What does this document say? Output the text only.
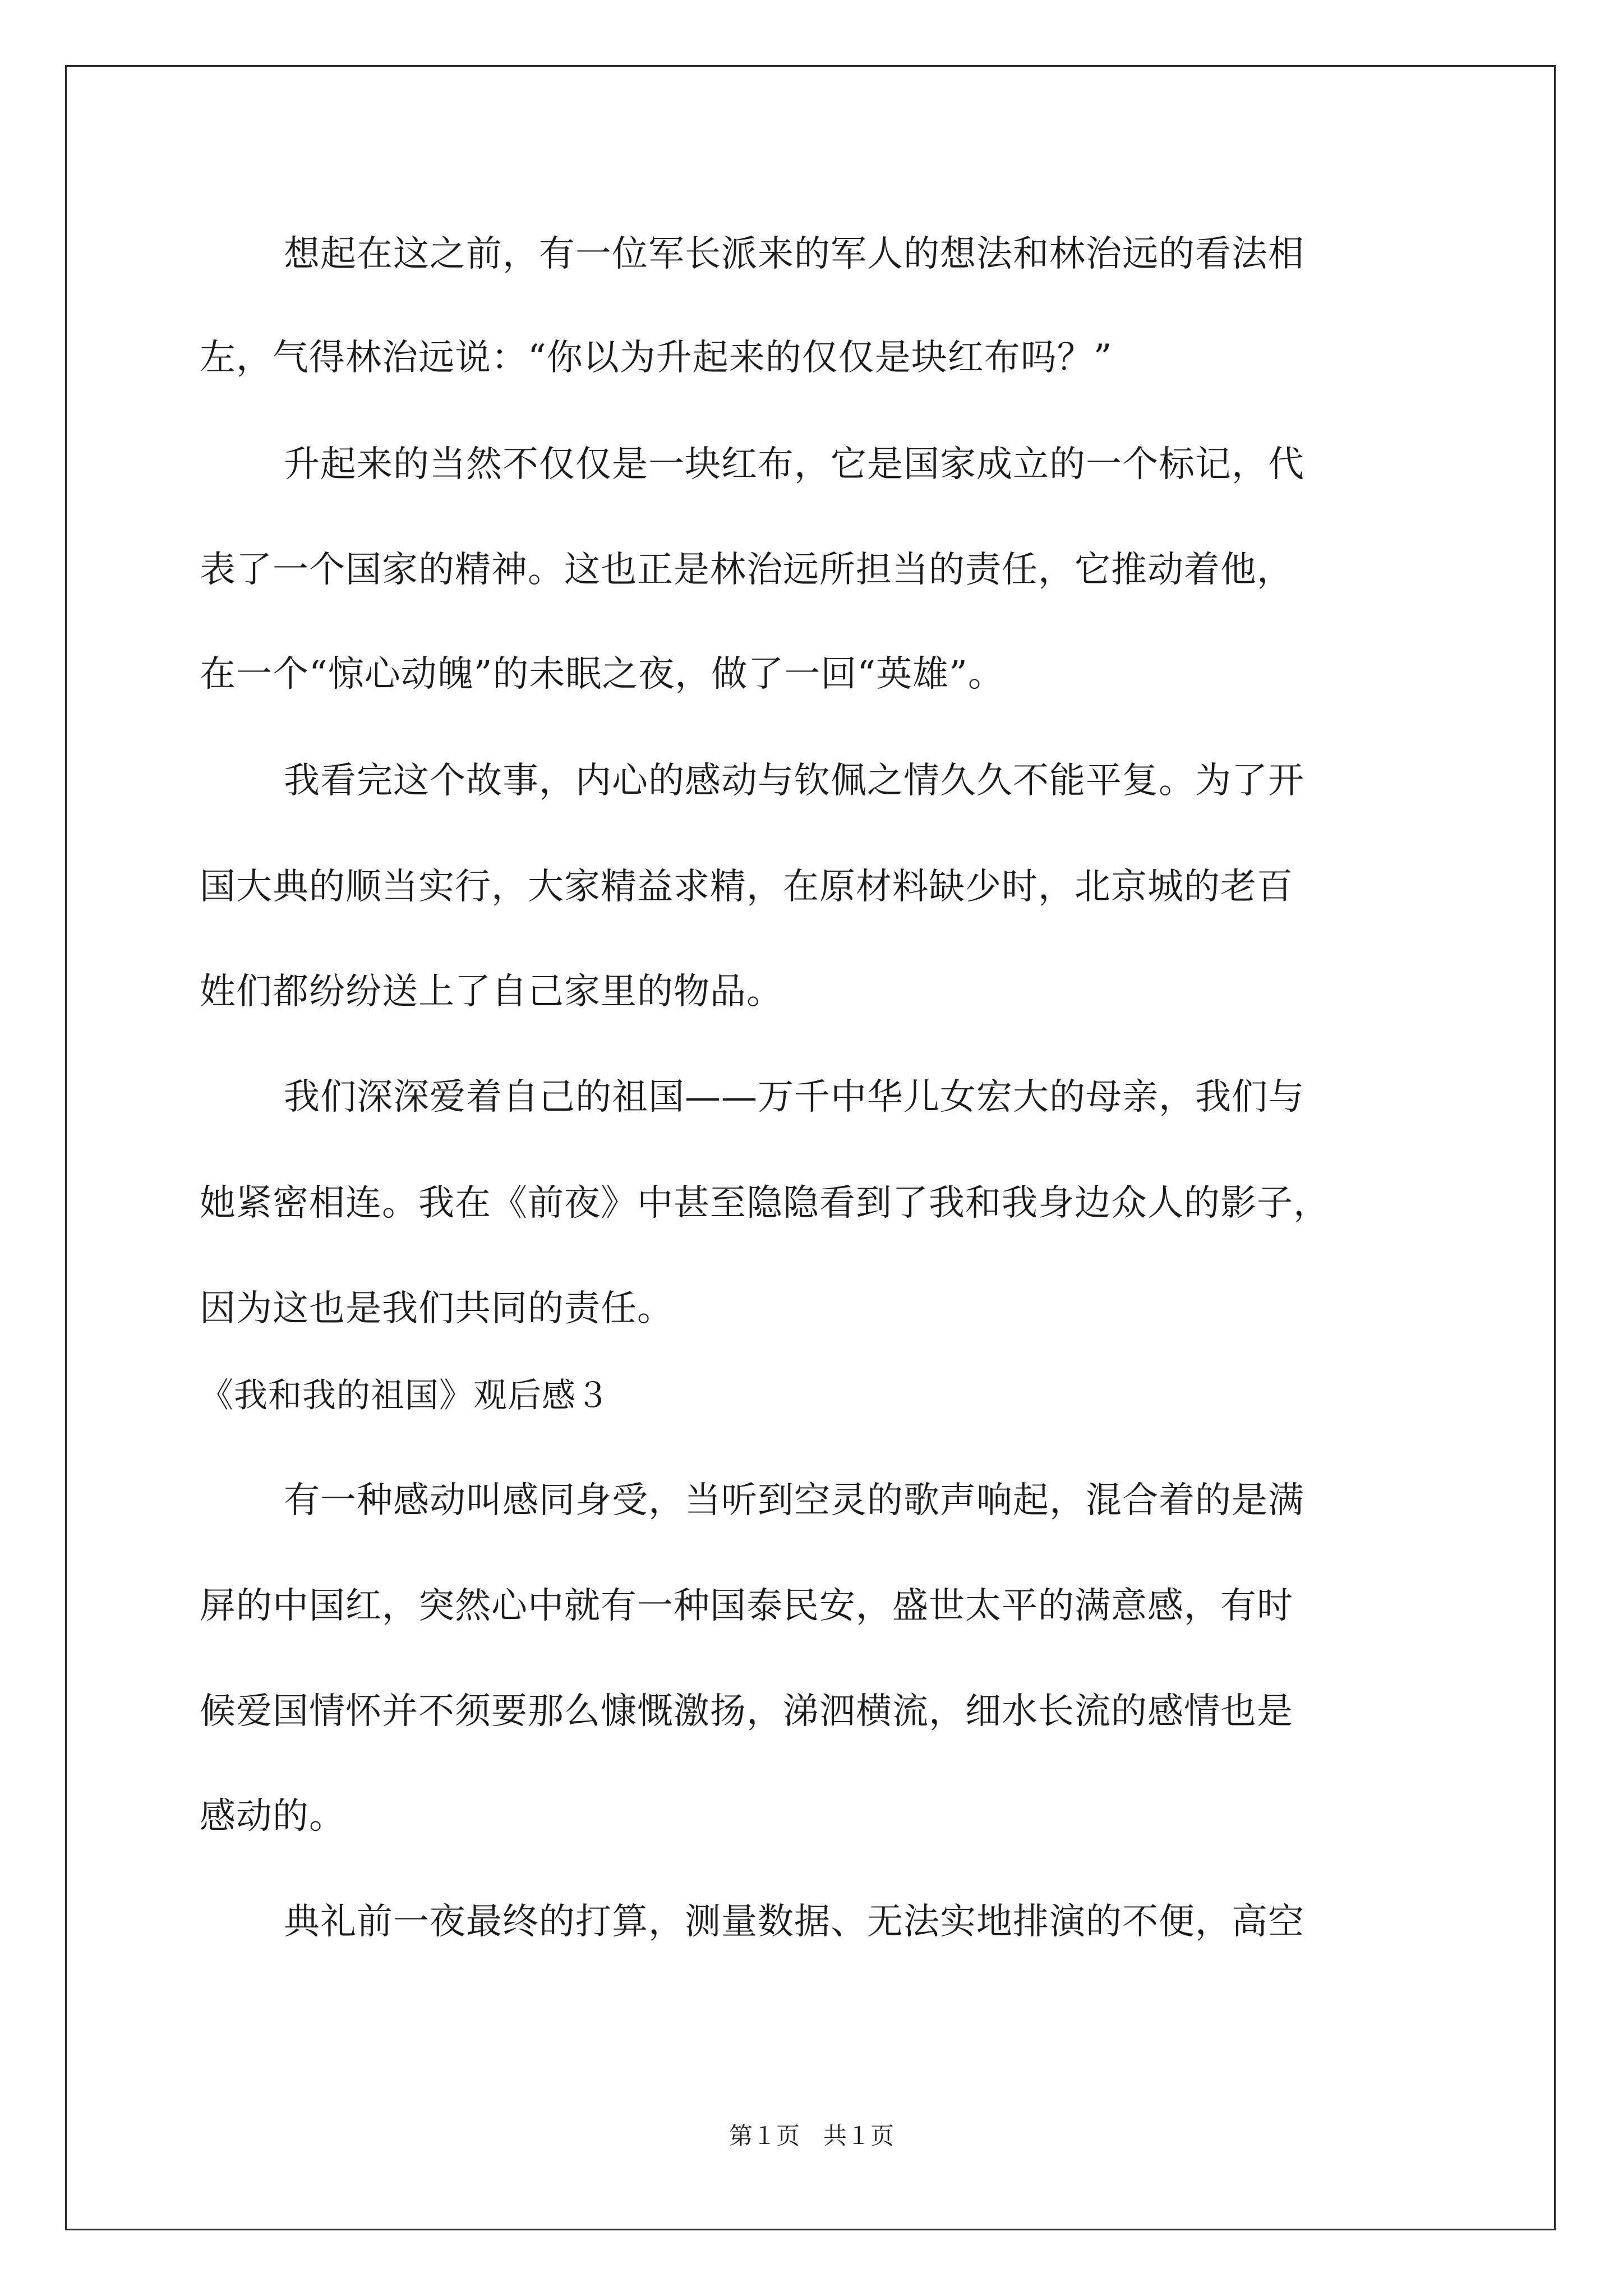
想起在这之前，有一位军长派来的军人的想法和林治远的看法相

左，气得林治远说：“你以为升起来的仅仅是块红布吗？”

升起来的当然不仅仅是一块红布，它是国家成立的一个标记，代

表了一个国家的精神。这也正是林治远所担当的责任，它推动着他，

在一个“惊心动魄”的未眠之夜，做了一回“英雄”。

我看完这个故事，内心的感动与钦佩之情久久不能平复。为了开

国大典的顺当实行，大家精益求精，在原材料缺少时，北京城的老百

姓们都纷纷送上了自己家里的物品。

我们深深爱着自己的祖国——万千中华儿女宏大的母亲，我们与

她紧密相连。我在《前夜》中甚至隐隐看到了我和我身边众人的影子，

因为这也是我们共同的责任。

《我和我的祖国》观后感３

有一种感动叫感同身受，当听到空灵的歌声响起，混合着的是满

屏的中国红，突然心中就有一种国泰民安，盛世太平的满意感，有时

候爱国情怀并不须要那么慷慨激扬，涕泗横流，细水长流的感情也是

感动的。

典礼前一夜最终的打算，测量数据、无法实地排演的不便，高空

第１页　共１页
